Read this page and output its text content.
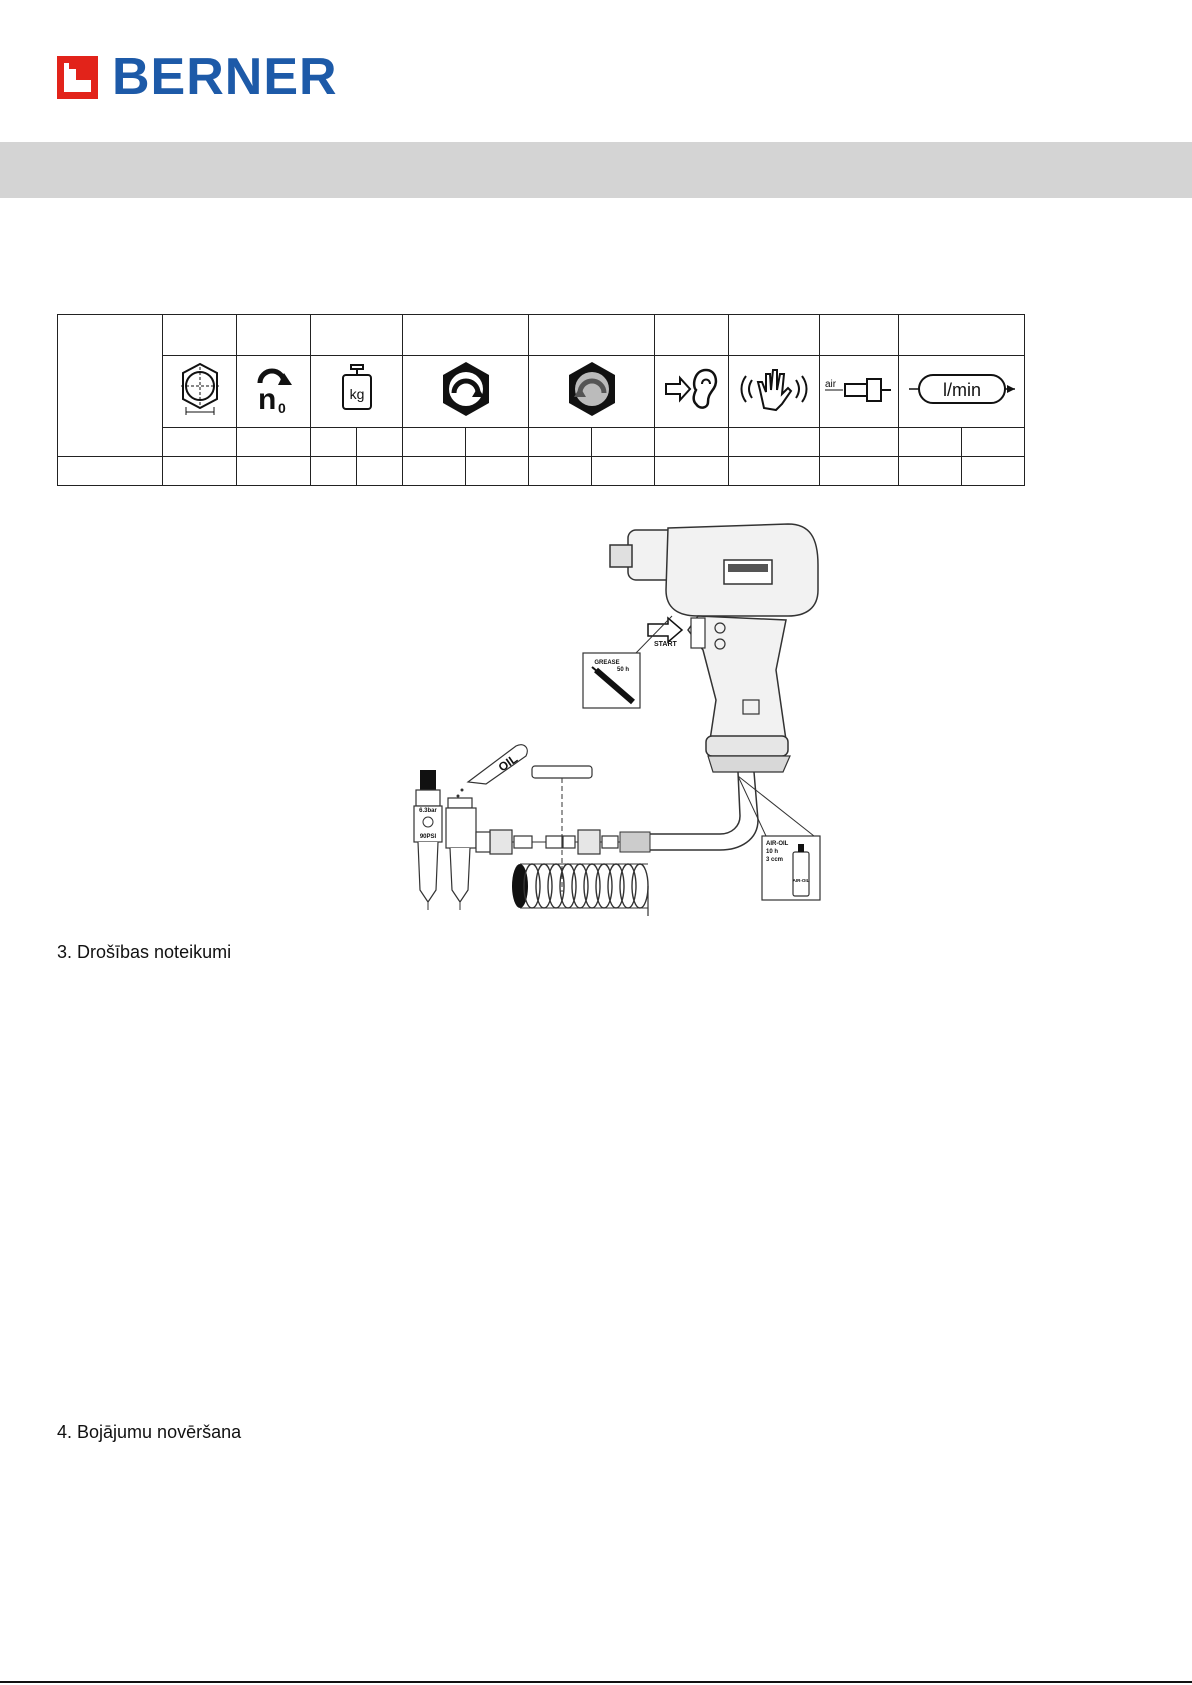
BERNER

n 0	kg								air	l/min	

START
GREASE
50 h
6.3bar
90PSI
OIL
AIR-OIL
10 h
3 ccm
AIR-OIL
3. Drošības noteikumi
4. Bojājumu novēršana
